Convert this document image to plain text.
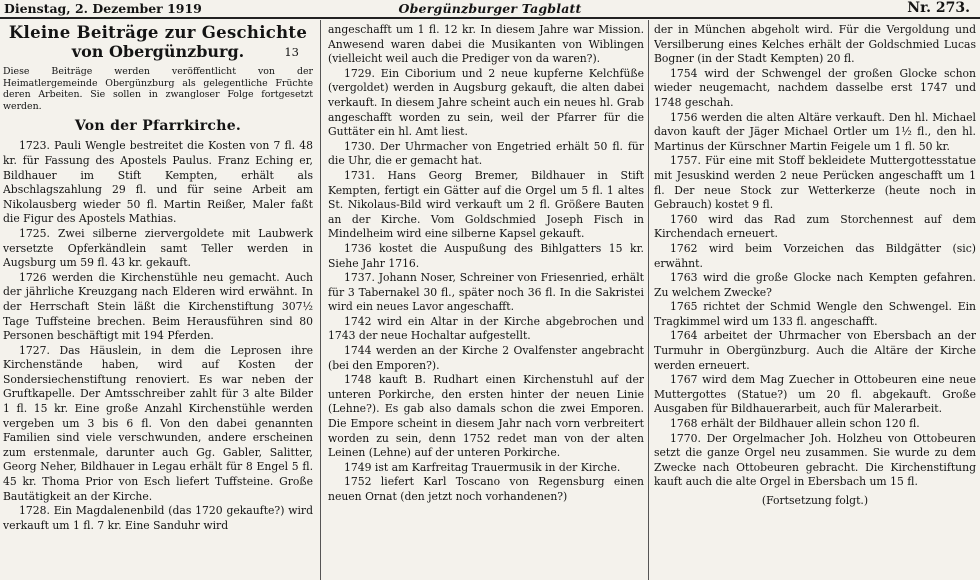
Dienstag, 2. Dezember 1919	Obergünzburger Tagblatt	Nr. 273.
Kleine Beiträge zur Geschichte
von Obergünzburg.	13
Diese Beiträge werden veröffentlicht von der Heimatlergemeinde Obergünzburg als gelegentliche Früchte deren Arbeiten. Sie sollen in zwangloser Folge fortgesetzt werden.
Von der Pfarrkirche.

1723. Pauli Wengle bestreitet die Kosten von 7 fl. 48 kr. für Fassung des Apostels Paulus. Franz Eching er, Bildhauer im Stift Kempten, erhält als Abschlagszahlung 29 fl. und für seine Arbeit am Nikolausberg wieder 50 fl. Martin Reißer, Maler faßt die Figur des Apostels Mathias.

1725. Zwei silberne ziervergoldete mit Laubwerk versetzte Opferkändlein samt Teller werden in Augsburg um 59 fl. 43 kr. gekauft.

1726 werden die Kirchenstühle neu gemacht. Auch der jährliche Kreuzgang nach Elderen wird erwähnt. In der Herrschaft Stein läßt die Kirchenstiftung 307½ Tage Tuffsteine brechen. Beim Herausführen sind 80 Personen beschäftigt mit 194 Pferden.

1727. Das Häuslein, in dem die Leprosen ihre Kirchenstände haben, wird auf Kosten der Sondersiechenstiftung renoviert. Es war neben der Gruftkapelle. Der Amtsschreiber zahlt für 3 alte Bilder 1 fl. 15 kr. Eine große Anzahl Kirchenstühle werden vergeben um 3 bis 6 fl. Von den dabei genannten Familien sind viele verschwunden, andere erscheinen zum erstenmale, darunter auch Gg. Gabler, Salitter, Georg Neher, Bildhauer in Legau erhält für 8 Engel 5 fl. 45 kr. Thoma Prior von Esch liefert Tuffsteine. Große Bautätigkeit an der Kirche.

1728. Ein Magdalenenbild (das 1720 gekaufte?) wird verkauft um 1 fl. 7 kr. Eine Sanduhr wird

angeschafft um 1 fl. 12 kr. In diesem Jahre war Mission. Anwesend waren dabei die Musikanten von Wiblingen (vielleicht weil auch die Prediger von da waren?).

1729. Ein Ciborium und 2 neue kupferne Kelchfüße (vergoldet) werden in Augsburg gekauft, die alten dabei verkauft. In diesem Jahre scheint auch ein neues hl. Grab angeschafft worden zu sein, weil der Pfarrer für die Guttäter ein hl. Amt liest.

1730. Der Uhrmacher von Engetried erhält 50 fl. für die Uhr, die er gemacht hat.

1731. Hans Georg Bremer, Bildhauer in Stift Kempten, fertigt ein Gätter auf die Orgel um 5 fl. 1 altes St. Nikolaus-Bild wird verkauft um 2 fl. Größere Bauten an der Kirche. Vom Goldschmied Joseph Fisch in Mindelheim wird eine silberne Kapsel gekauft.

1736 kostet die Auspußung des Bihlgatters 15 kr. Siehe Jahr 1716.

1737. Johann Noser, Schreiner von Friesenried, erhält für 3 Tabernakel 30 fl., später noch 36 fl. In die Sakristei wird ein neues Lavor angeschafft.

1742 wird ein Altar in der Kirche abgebrochen und 1743 der neue Hochaltar aufgestellt.

1744 werden an der Kirche 2 Ovalfenster angebracht (bei den Emporen?).

1748 kauft B. Rudhart einen Kirchenstuhl auf der unteren Porkirche, den ersten hinter der neuen Linie (Lehne?). Es gab also damals schon die zwei Emporen. Die Empore scheint in diesem Jahr nach vorn verbreitert worden zu sein, denn 1752 redet man von der alten Leinen (Lehne) auf der unteren Porkirche.

1749 ist am Karfreitag Trauermusik in der Kirche.

1752 liefert Karl Toscano von Regensburg einen neuen Ornat (den jetzt noch vorhandenen?)

der in München abgeholt wird. Für die Vergoldung und Versilberung eines Kelches erhält der Goldschmied Lucas Bogner (in der Stadt Kempten) 20 fl.

1754 wird der Schwengel der großen Glocke schon wieder neugemacht, nachdem dasselbe erst 1747 und 1748 geschah.

1756 werden die alten Altäre verkauft. Den hl. Michael davon kauft der Jäger Michael Ortler um 1½ fl., den hl. Martinus der Kürschner Martin Feigele um 1 fl. 50 kr.

1757. Für eine mit Stoff bekleidete Muttergottesstatue mit Jesuskind werden 2 neue Perücken angeschafft um 1 fl. Der neue Stock zur Wetterkerze (heute noch in Gebrauch) kostet 9 fl.

1760 wird das Rad zum Storchennest auf dem Kirchendach erneuert.

1762 wird beim Vorzeichen das Bildgätter (sic) erwähnt.

1763 wird die große Glocke nach Kempten gefahren. Zu welchem Zwecke?

1765 richtet der Schmid Wengle den Schwengel. Ein Tragkimmel wird um 133 fl. angeschafft.

1764 arbeitet der Uhrmacher von Ebersbach an der Turmuhr in Obergünzburg. Auch die Altäre der Kirche werden erneuert.

1767 wird dem Mag Zuecher in Ottobeuren eine neue Muttergottes (Statue?) um 20 fl. abgekauft. Große Ausgaben für Bildhauerarbeit, auch für Malerarbeit.

1768 erhält der Bildhauer allein schon 120 fl.

1770. Der Orgelmacher Joh. Holzheu von Ottobeuren setzt die ganze Orgel neu zusammen. Sie wurde zu dem Zwecke nach Ottobeuren gebracht. Die Kirchenstiftung kauft auch die alte Orgel in Ebersbach um 15 fl.

(Fortsetzung folgt.)
